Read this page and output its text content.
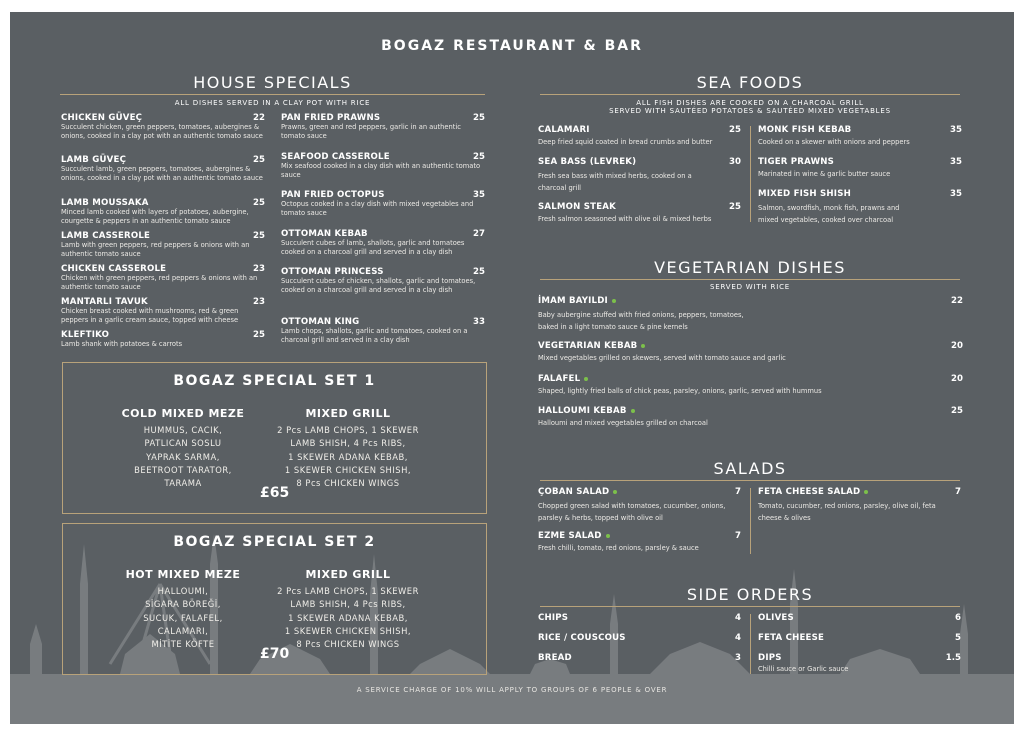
BOGAZ RESTAURANT & BAR
HOUSE SPECIALS
ALL DISHES SERVED IN A CLAY POT WITH RICE
CHICKEN GÜVEÇ	22
Succulent chicken, green peppers, tomatoes, aubergines & onions, cooked in a clay pot with an authentic tomato sauce
LAMB GÜVEÇ	25
Succulent lamb, green peppers, tomatoes, aubergines & onions, cooked in a clay pot with an authentic tomato sauce
LAMB MOUSSAKA	25
Minced lamb cooked with layers of potatoes, aubergine, courgette & peppers in an authentic tomato sauce
LAMB CASSEROLE	25
Lamb with green peppers, red peppers & onions with an authentic tomato sauce
CHICKEN CASSEROLE	23
Chicken with green peppers, red peppers & onions with an authentic tomato sauce
MANTARLI TAVUK	23
Chicken breast cooked with mushrooms, red & green peppers in a garlic cream sauce, topped with cheese
KLEFTIKO	25
Lamb shank with potatoes & carrots
PAN FRIED PRAWNS	25
Prawns, green and red peppers, garlic in an authentic tomato sauce
SEAFOOD CASSEROLE	25
Mix seafood cooked in a clay dish with an authentic tomato sauce
PAN FRIED OCTOPUS	35
Octopus cooked in a clay dish with mixed vegetables and tomato sauce
OTTOMAN KEBAB	27
Succulent cubes of lamb, shallots, garlic and tomatoes cooked on a charcoal grill and served in a clay dish
OTTOMAN PRINCESS	25
Succulent cubes of chicken, shallots, garlic and tomatoes, cooked on a charcoal grill and served in a clay dish
OTTOMAN KING	33
Lamb chops, shallots, garlic and tomatoes, cooked on a charcoal grill and served in a clay dish
BOGAZ SPECIAL SET 1
COLD MIXED MEZE
HUMMUS, CACIK,
PATLICAN SOSLU
YAPRAK SARMA,
BEETROOT TARATOR,
TARAMA
MIXED GRILL
2 Pcs LAMB CHOPS, 1 SKEWER
LAMB SHISH, 4 Pcs RIBS,
1 SKEWER ADANA KEBAB,
1 SKEWER CHICKEN SHISH,
8 Pcs CHICKEN WINGS
£65
BOGAZ SPECIAL SET 2
HOT MIXED MEZE
HALLOUMI,
SİGARA BÖREĞİ,
SUCUK, FALAFEL,
CALAMARI,
MİTİTE KÖFTE
MIXED GRILL
2 Pcs LAMB CHOPS, 1 SKEWER
LAMB SHISH, 4 Pcs RIBS,
1 SKEWER ADANA KEBAB,
1 SKEWER CHICKEN SHISH,
8 Pcs CHICKEN WINGS
£70
SEA FOODS
ALL FISH DISHES ARE COOKED ON A CHARCOAL GRILL
SERVED WITH SAUTÉED POTATOES & SAUTÉED MIXED VEGETABLES
CALAMARI	25
Deep fried squid coated in bread crumbs and butter
SEA BASS (LEVREK)	30
Fresh sea bass with mixed herbs, cooked on a charcoal grill
SALMON STEAK	25
Fresh salmon seasoned with olive oil & mixed herbs
MONK FISH KEBAB	35
Cooked on a skewer with onions and peppers
TIGER PRAWNS	35
Marinated in wine & garlic butter sauce
MIXED FISH SHISH	35
Salmon, swordfish, monk fish, prawns and mixed vegetables, cooked over charcoal
VEGETARIAN DISHES
SERVED WITH RICE
İMAM BAYILDI	22
Baby aubergine stuffed with fried onions, peppers, tomatoes, baked in a light tomato sauce & pine kernels
VEGETARIAN KEBAB	20
Mixed vegetables grilled on skewers, served with tomato sauce and garlic
FALAFEL	20
Shaped, lightly fried balls of chick peas, parsley, onions, garlic, served with hummus
HALLOUMI KEBAB	25
Halloumi and mixed vegetables grilled on charcoal
SALADS
ÇOBAN SALAD	7
Chopped green salad with tomatoes, cucumber, onions, parsley & herbs, topped with olive oil
EZME SALAD	7
Fresh chilli, tomato, red onions, parsley & sauce
FETA CHEESE SALAD	7
Tomato, cucumber, red onions, parsley, olive oil, feta cheese & olives
SIDE ORDERS
CHIPS	4
RICE / COUSCOUS	4
BREAD	3
OLIVES	6
FETA CHEESE	5
DIPS	1.5
Chilli sauce or Garlic sauce
A SERVICE CHARGE OF 10% WILL APPLY TO GROUPS OF 6 PEOPLE & OVER
